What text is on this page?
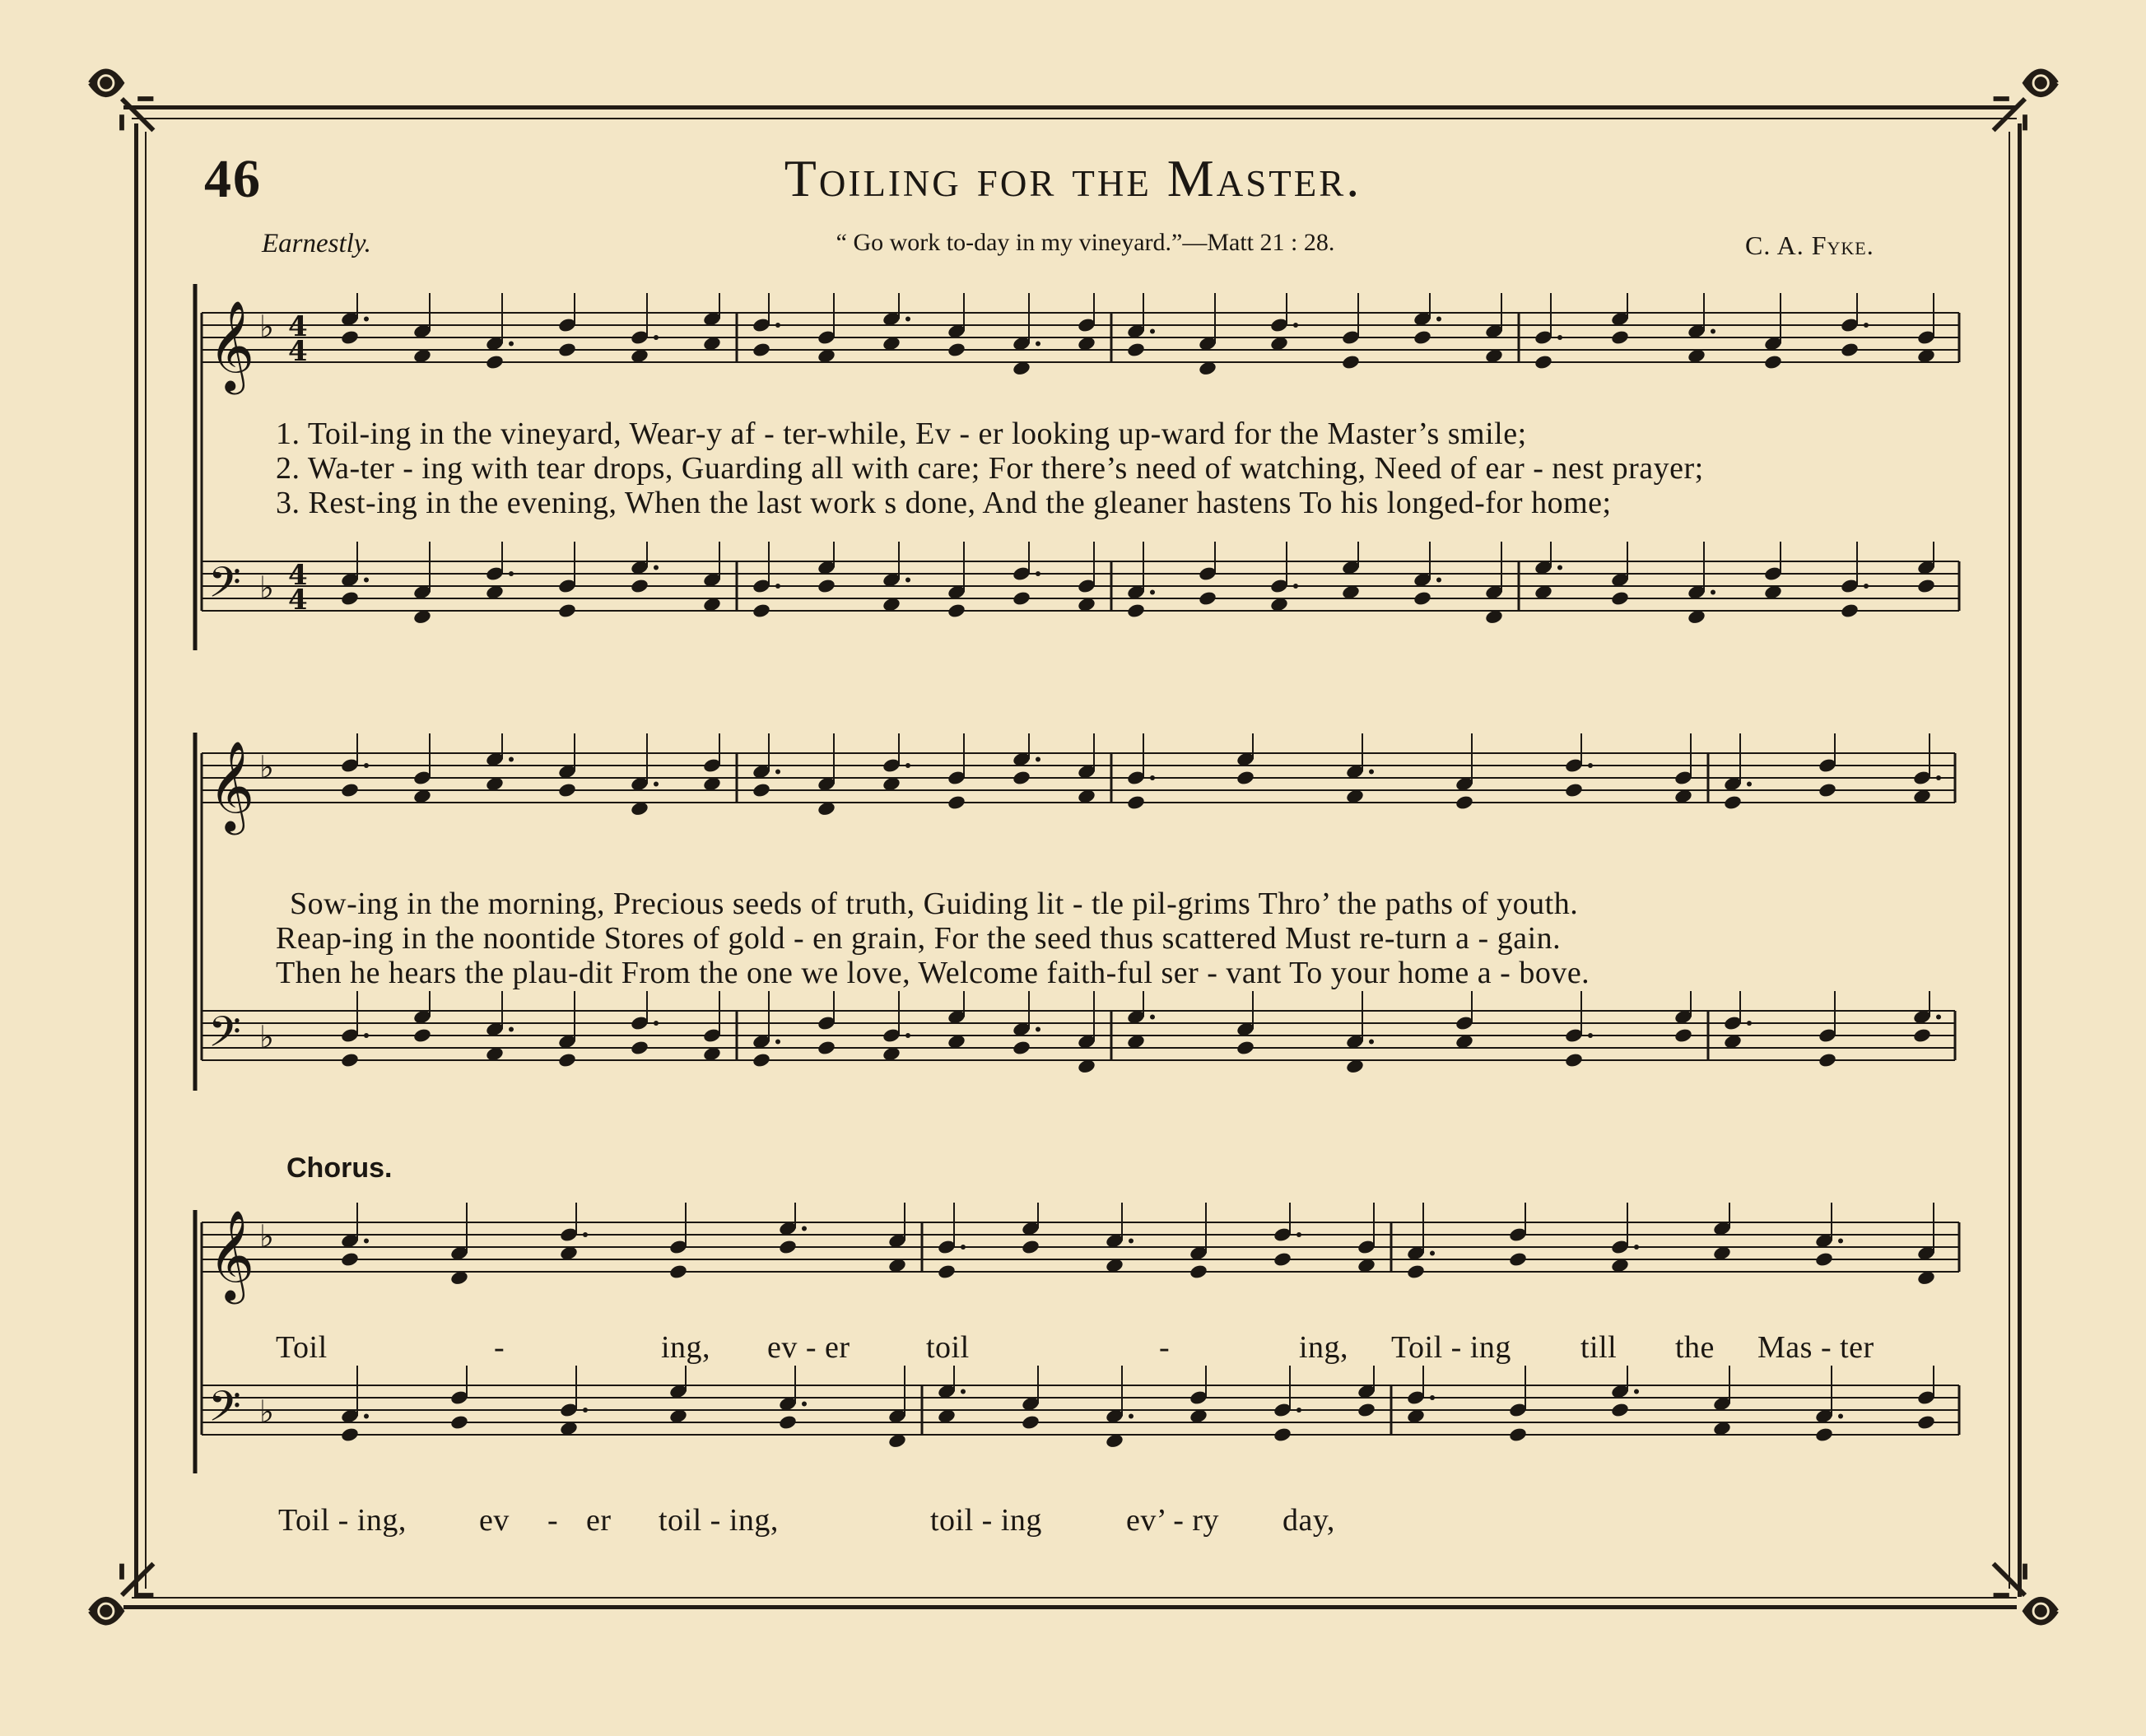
46	Toiling for the Master.
Earnestly.	“ Go work to-day in my vineyard.”—Matt 21 : 28.	C. A. Fyke.
𝄞
𝄢
♭
♭
4
4
4
4
𝄞
𝄢
♭
♭
𝄞
𝄢
♭
♭
1. Toil-ing in the vineyard, Wear-y af - ter-while, Ev - er looking up-ward for the Master’s smile;
2. Wa-ter - ing with tear drops, Guarding all with care; For there’s need of watching, Need of ear - nest prayer;
3. Rest-ing in the evening, When the last work s done, And the gleaner hastens To his longed-for home;
Sow-ing in the morning, Precious seeds of truth, Guiding lit - tle pil-grims Thro’ the paths of youth.
Reap-ing in the noontide Stores of gold - en grain, For the seed thus scattered Must re-turn a - gain.
Then he hears the plau-dit From the one we love, Welcome faith-ful ser - vant To your home a - bove.
Chorus.
Toil	-	ing, ev - er toil	-	ing, Toil - ing till the Mas - ter
Toil - ing, ev - er toil - ing,	toil - ing	ev’ - ry day,
